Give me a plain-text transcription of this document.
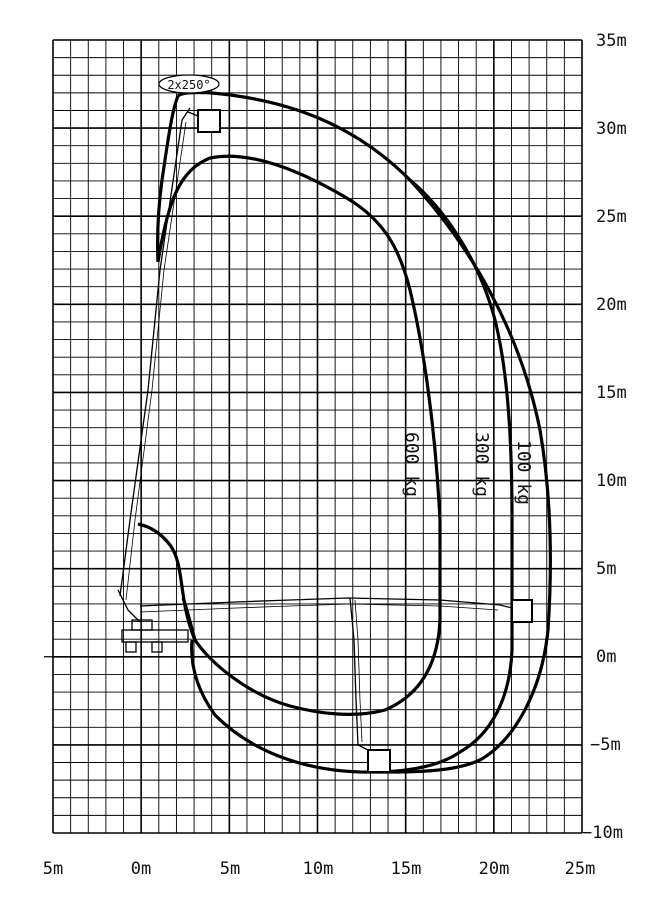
2x250°
600 kg	300 kg 100 kg
5m	0m	5m	10m	15m	20m	25m
35m
30m
25m
20m
15m
10m
5m
0m
−5m
−10m
